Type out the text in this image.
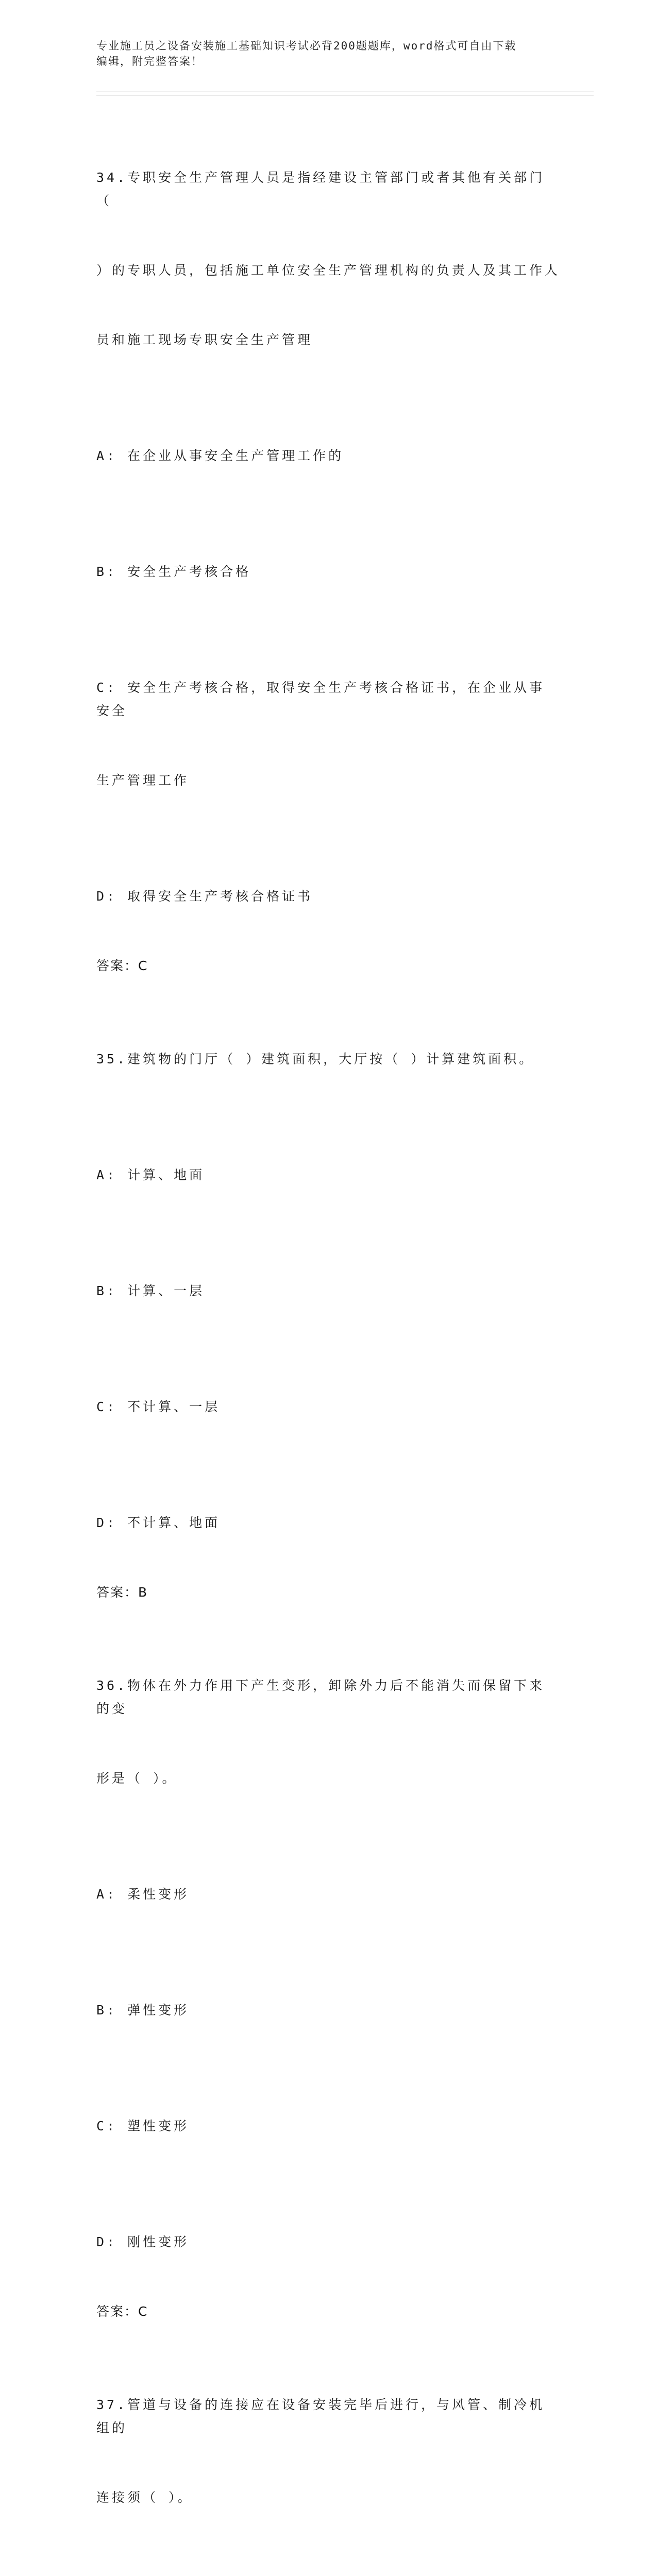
专业施工员之设备安装施工基础知识考试必背200题题库，word格式可自由下载
编辑，附完整答案！

34.专职安全生产管理人员是指经建设主管部门或者其他有关部门（

）的专职人员，包括施工单位安全生产管理机构的负责人及其工作人

员和施工现场专职安全生产管理

A: 在企业从事安全生产管理工作的

B: 安全生产考核合格

C: 安全生产考核合格，取得安全生产考核合格证书，在企业从事安全

生产管理工作

D: 取得安全生产考核合格证书

答案：C

35.建筑物的门厅（ ）建筑面积，大厅按（ ）计算建筑面积。

A: 计算、地面

B: 计算、一层

C: 不计算、一层

D: 不计算、地面

答案：B

36.物体在外力作用下产生变形，卸除外力后不能消失而保留下来的变

形是（ ）。

A: 柔性变形

B: 弹性变形

C: 塑性变形

D: 刚性变形

答案：C

37.管道与设备的连接应在设备安装完毕后进行，与风管、制冷机组的

连接须（ ）。
